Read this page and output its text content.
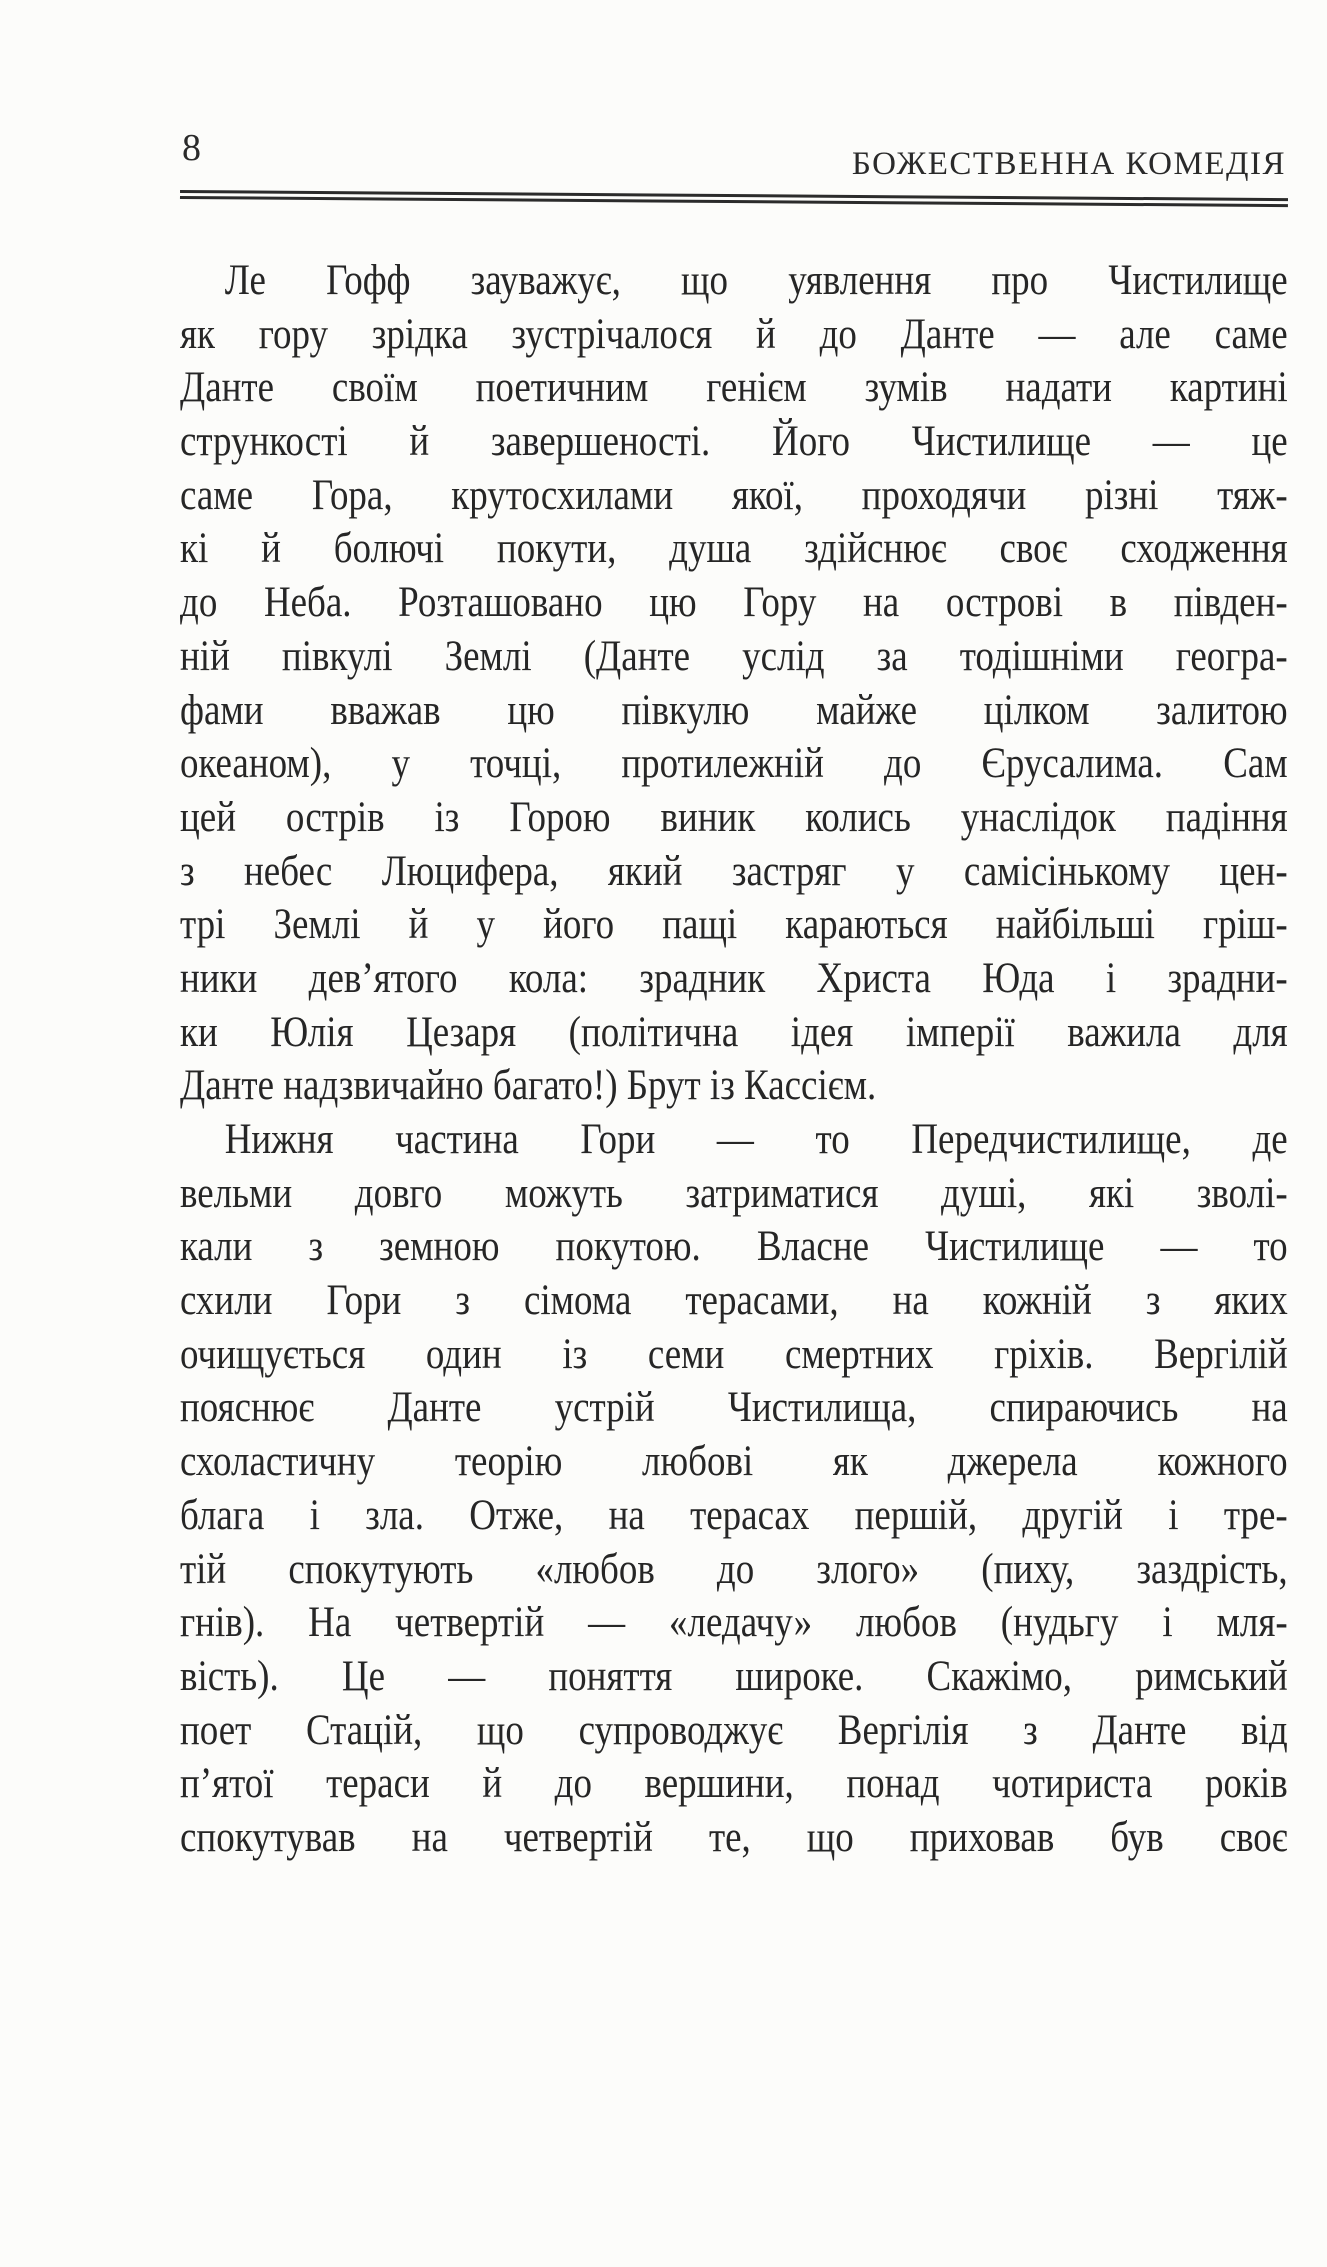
8	БОЖЕСТВЕННА КОМЕДІЯ
Ле Гофф зауважує, що уявлення про Чистилище
як гору зрідка зустрічалося й до Данте — але саме
Данте своїм поетичним генієм зумів надати картині
стрункості й завершеності. Його Чистилище — це
саме Гора, крутосхилами якої, проходячи різні тяж-
кі й болючі покути, душа здійснює своє сходження
до Неба. Розташовано цю Гору на острові в півден-
ній півкулі Землі (Данте услід за тодішніми геогра-
фами вважав цю півкулю майже цілком залитою
океаном), у точці, протилежній до Єрусалима. Сам
цей острів із Горою виник колись унаслідок падіння
з небес Люцифера, який застряг у самісінькому цен-
трі Землі й у його пащі караються найбільші гріш-
ники дев’ятого кола: зрадник Христа Юда і зрадни-
ки Юлія Цезаря (політична ідея імперії важила для
Данте надзвичайно багато!) Брут із Кассієм.
Нижня частина Гори — то Передчистилище, де
вельми довго можуть затриматися душі, які зволі-
кали з земною покутою. Власне Чистилище — то
схили Гори з сімома терасами, на кожній з яких
очищується один із семи смертних гріхів. Вергілій
пояснює Данте устрій Чистилища, спираючись на
схоластичну теорію любові як джерела кожного
блага і зла. Отже, на терасах першій, другій і тре-
тій спокутують «любов до злого» (пиху, заздрість,
гнів). На четвертій — «ледачу» любов (нудьгу і мля-
вість). Це — поняття широке. Скажімо, римський
поет Стацій, що супроводжує Вергілія з Данте від
п’ятої тераси й до вершини, понад чотириста років
спокутував на четвертій те, що приховав був своє
